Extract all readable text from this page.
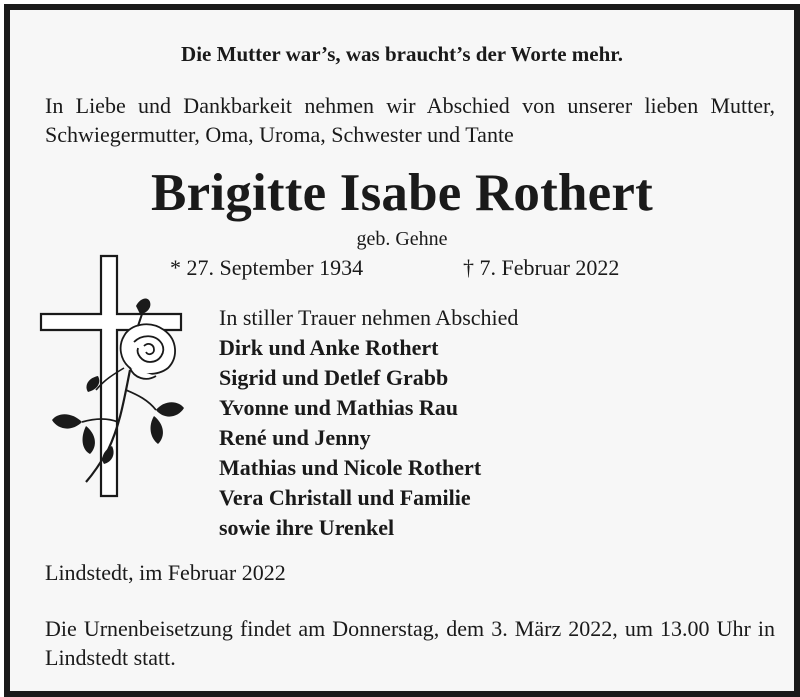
Die Mutter war’s, was braucht’s der Worte mehr.
In Liebe und Dankbarkeit nehmen wir Abschied von unserer lieben Mutter, Schwiegermutter, Oma, Uroma, Schwester und Tante
Brigitte Isabe Rothert
geb. Gehne
* 27. September 1934	† 7. Februar 2022
In stiller Trauer nehmen Abschied
Dirk und Anke Rothert
Sigrid und Detlef Grabb
Yvonne und Mathias Rau
René und Jenny
Mathias und Nicole Rothert
Vera Christall und Familie
sowie ihre Urenkel
Lindstedt, im Februar 2022
Die Urnenbeisetzung findet am Donnerstag, dem 3. März 2022, um 13.00 Uhr in Lindstedt statt.
